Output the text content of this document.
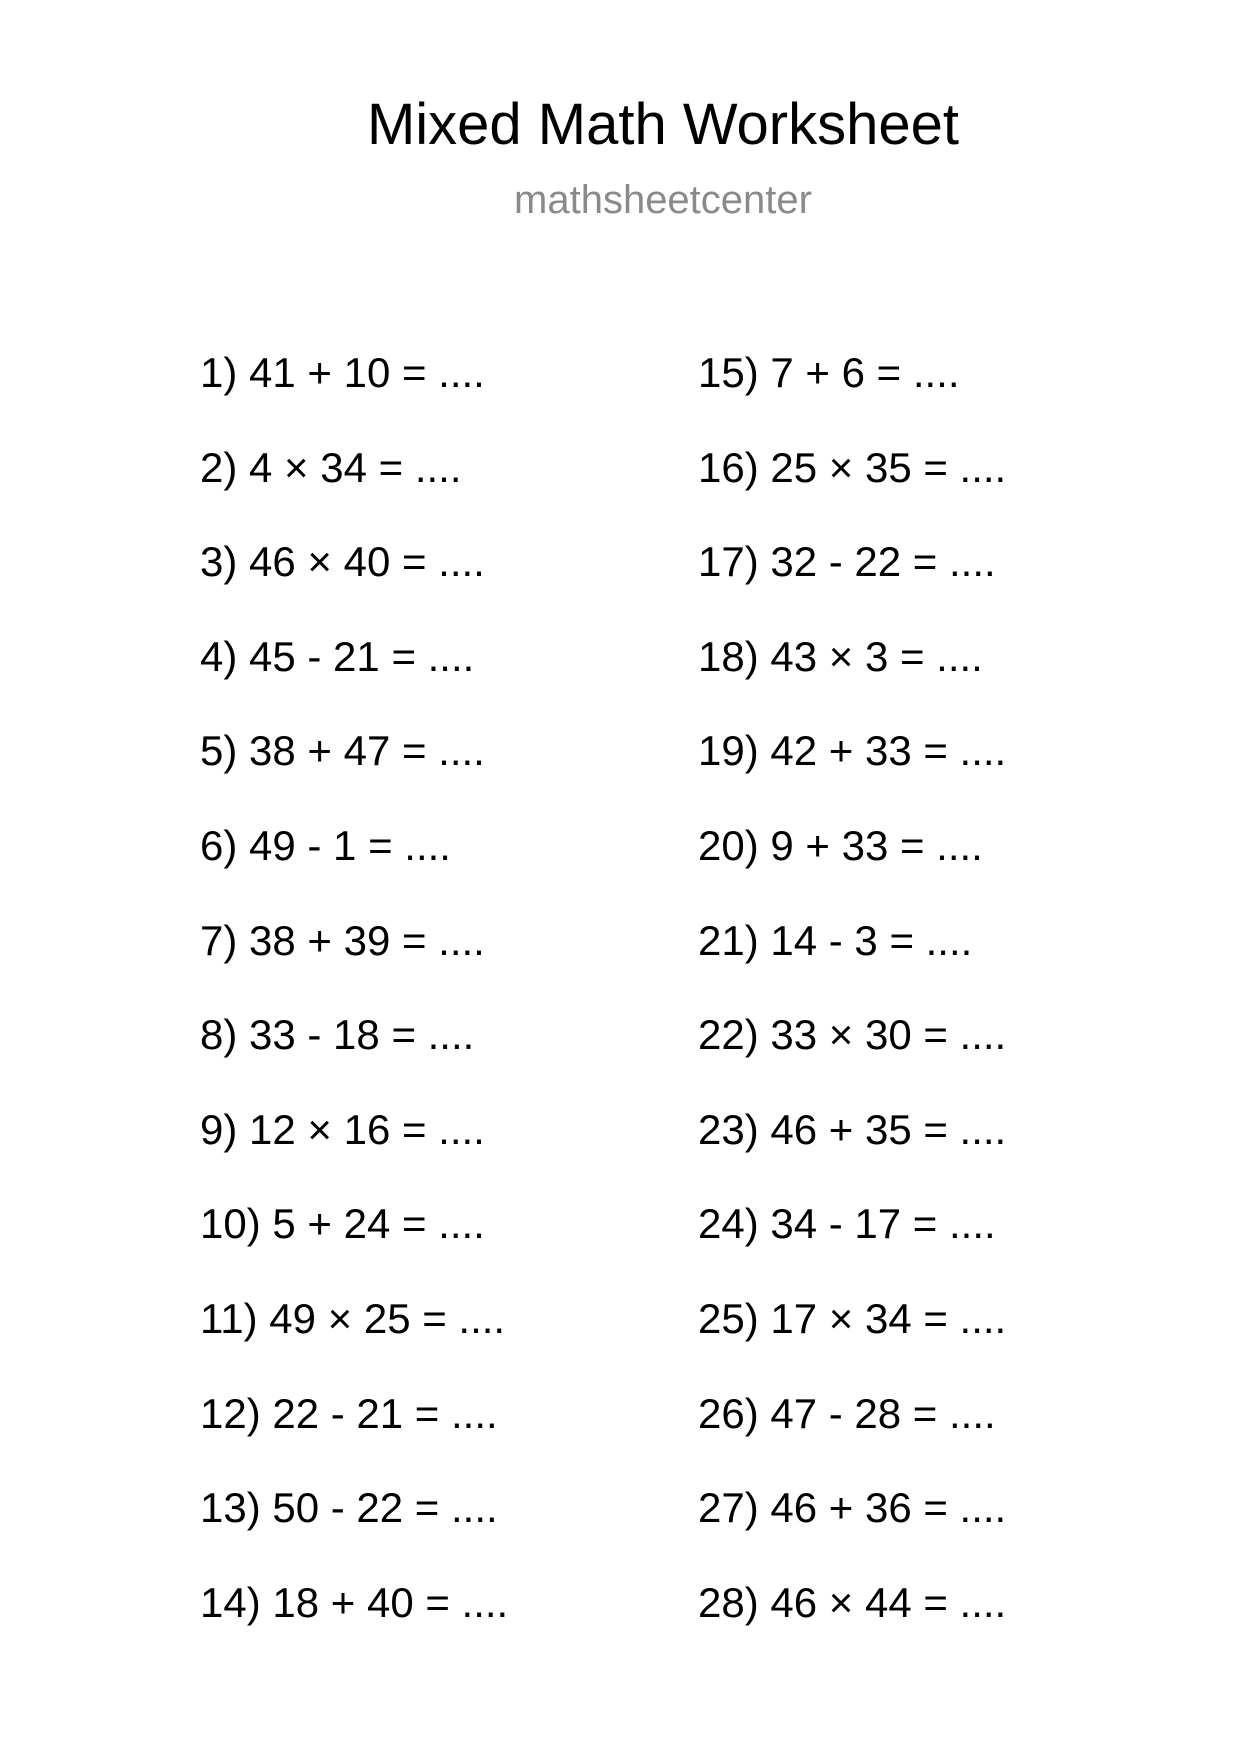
Mixed Math Worksheet
mathsheetcenter
1) 41 + 10 = ....
2) 4 × 34 = ....
3) 46 × 40 = ....
4) 45 - 21 = ....
5) 38 + 47 = ....
6) 49 - 1 = ....
7) 38 + 39 = ....
8) 33 - 18 = ....
9) 12 × 16 = ....
10) 5 + 24 = ....
11) 49 × 25 = ....
12) 22 - 21 = ....
13) 50 - 22 = ....
14) 18 + 40 = ....
15) 7 + 6 = ....
16) 25 × 35 = ....
17) 32 - 22 = ....
18) 43 × 3 = ....
19) 42 + 33 = ....
20) 9 + 33 = ....
21) 14 - 3 = ....
22) 33 × 30 = ....
23) 46 + 35 = ....
24) 34 - 17 = ....
25) 17 × 34 = ....
26) 47 - 28 = ....
27) 46 + 36 = ....
28) 46 × 44 = ....
